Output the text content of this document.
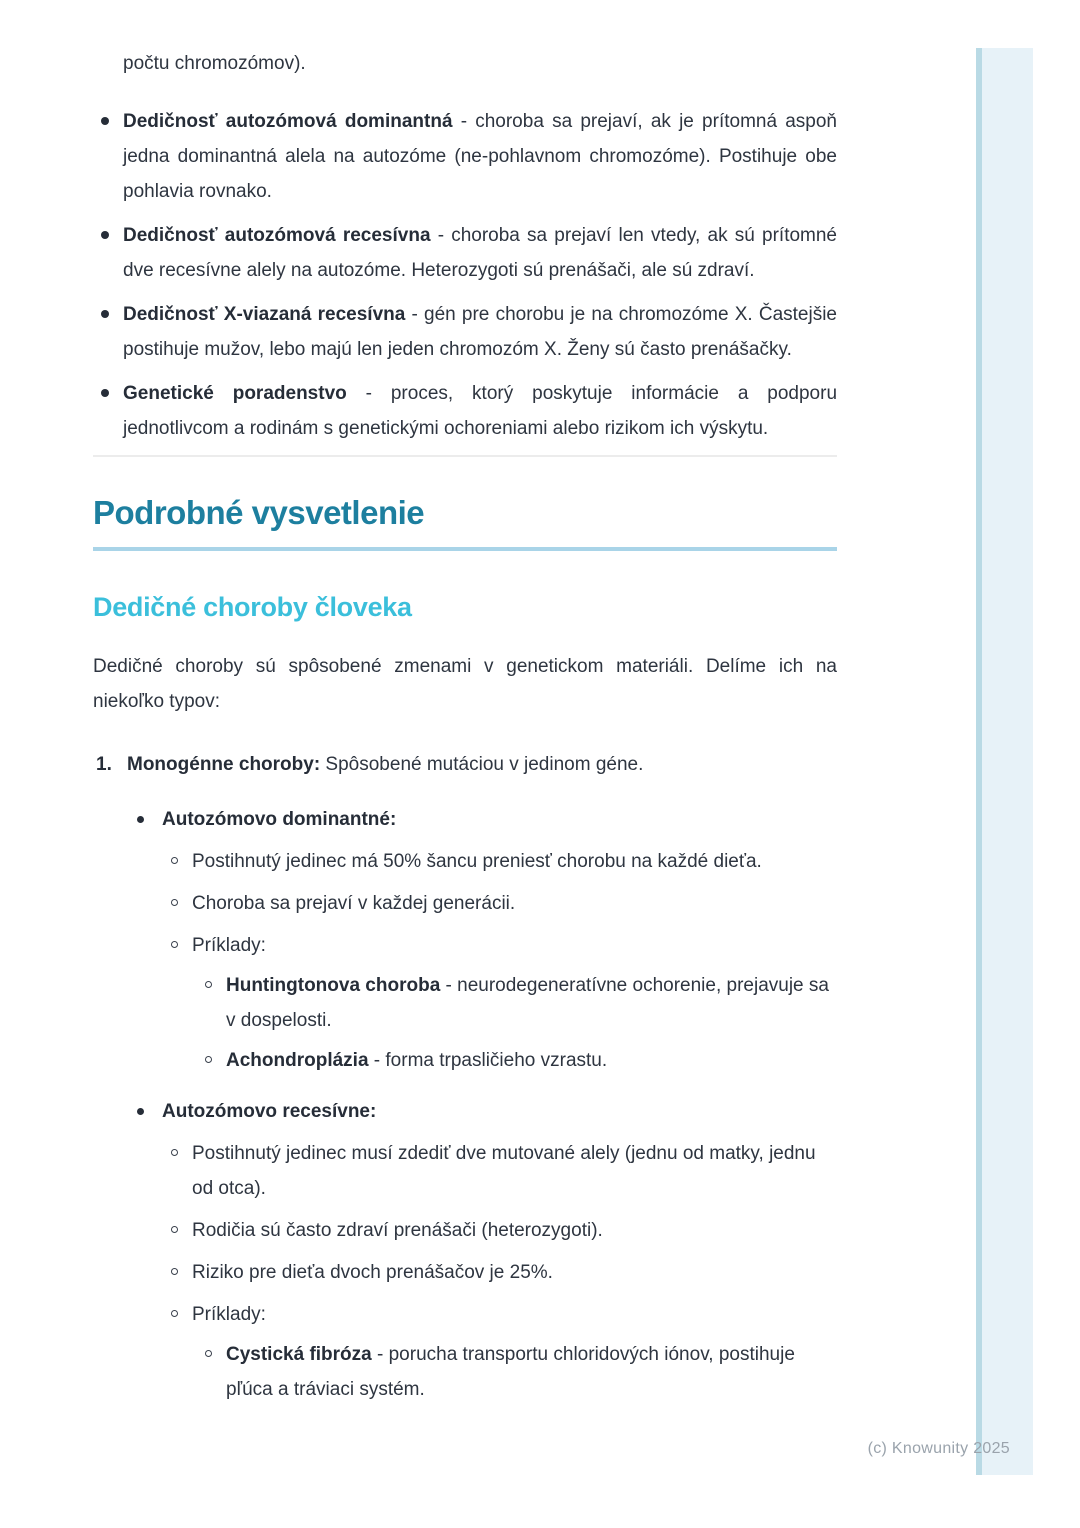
(c) Knowunity 2025

počtu chromozómov).

Dedičnosť autozómová dominantná - choroba sa prejaví, ak je prítomná aspoň jedna dominantná alela na autozóme (ne-pohlavnom chromozóme). Postihuje obe pohlavia rovnako.
Dedičnosť autozómová recesívna - choroba sa prejaví len vtedy, ak sú prítomné dve recesívne alely na autozóme. Heterozygoti sú prenášači, ale sú zdraví.
Dedičnosť X-viazaná recesívna - gén pre chorobu je na chromozóme X. Častejšie postihuje mužov, lebo majú len jeden chromozóm X. Ženy sú často prenášačky.
Genetické poradenstvo - proces, ktorý poskytuje informácie a podporu jednotlivcom a rodinám s genetickými ochoreniami alebo rizikom ich výskytu.
Podrobné vysvetlenie
Dedičné choroby človeka

Dedičné choroby sú spôsobené zmenami v genetickom materiáli. Delíme ich na niekoľko typov:

1. Monogénne choroby: Spôsobené mutáciou v jedinom géne.
Autozómovo dominantné:
Postihnutý jedinec má 50% šancu preniesť chorobu na každé dieťa.
Choroba sa prejaví v každej generácii.
Príklady:
Huntingtonova choroba - neurodegeneratívne ochorenie, prejavuje sa v dospelosti.
Achondroplázia - forma trpasličieho vzrastu.
Autozómovo recesívne:
Postihnutý jedinec musí zdediť dve mutované alely (jednu od matky, jednu od otca).
Rodičia sú často zdraví prenášači (heterozygoti).
Riziko pre dieťa dvoch prenášačov je 25%.
Príklady:
Cystická fibróza - porucha transportu chloridových iónov, postihuje pľúca a tráviaci systém.
